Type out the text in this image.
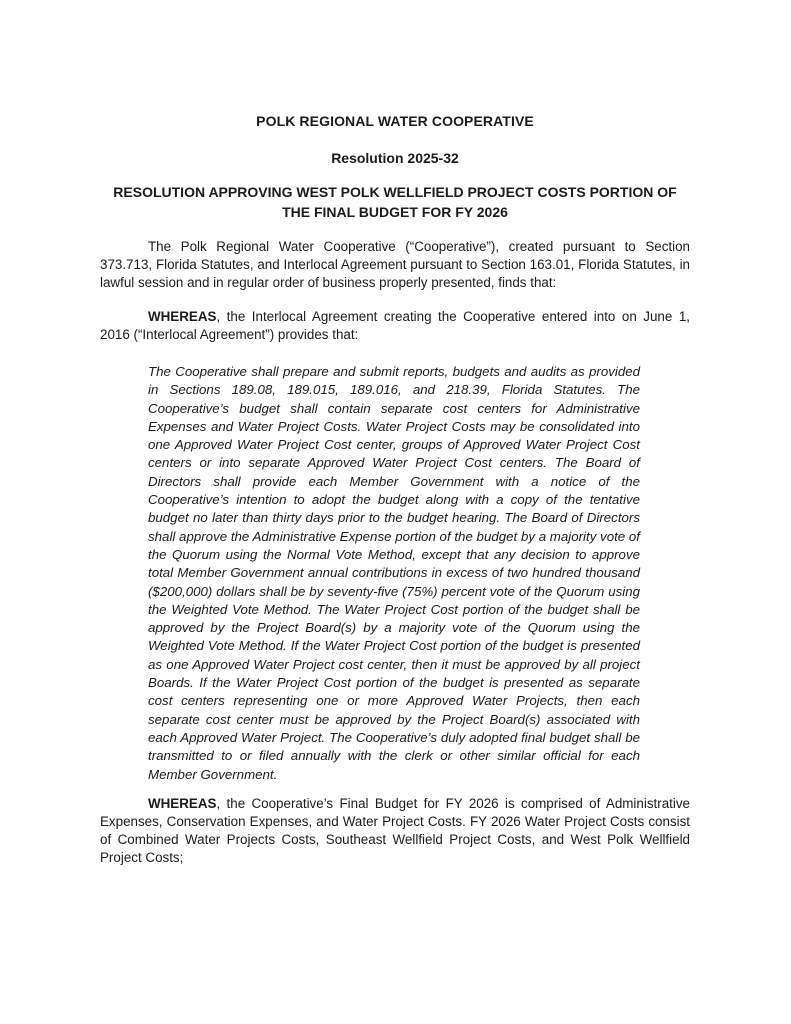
POLK REGIONAL WATER COOPERATIVE
Resolution 2025-32
RESOLUTION APPROVING WEST POLK WELLFIELD PROJECT COSTS PORTION OF
THE FINAL BUDGET FOR FY 2026

The Polk Regional Water Cooperative (“Cooperative”), created pursuant to Section 373.713, Florida Statutes, and Interlocal Agreement pursuant to Section 163.01, Florida Statutes, in lawful session and in regular order of business properly presented, finds that:

WHEREAS, the Interlocal Agreement creating the Cooperative entered into on June 1, 2016 (“Interlocal Agreement”) provides that:

The Cooperative shall prepare and submit reports, budgets and audits as provided in Sections 189.08, 189.015, 189.016, and 218.39, Florida Statutes. The Cooperative’s budget shall contain separate cost centers for Administrative Expenses and Water Project Costs. Water Project Costs may be consolidated into one Approved Water Project Cost center, groups of Approved Water Project Cost centers or into separate Approved Water Project Cost centers. The Board of Directors shall provide each Member Government with a notice of the Cooperative’s intention to adopt the budget along with a copy of the tentative budget no later than thirty days prior to the budget hearing. The Board of Directors shall approve the Administrative Expense portion of the budget by a majority vote of the Quorum using the Normal Vote Method, except that any decision to approve total Member Government annual contributions in excess of two hundred thousand ($200,000) dollars shall be by seventy-five (75%) percent vote of the Quorum using the Weighted Vote Method. The Water Project Cost portion of the budget shall be approved by the Project Board(s) by a majority vote of the Quorum using the Weighted Vote Method. If the Water Project Cost portion of the budget is presented as one Approved Water Project cost center, then it must be approved by all project Boards. If the Water Project Cost portion of the budget is presented as separate cost centers representing one or more Approved Water Projects, then each separate cost center must be approved by the Project Board(s) associated with each Approved Water Project. The Cooperative’s duly adopted final budget shall be transmitted to or filed annually with the clerk or other similar official for each Member Government.

WHEREAS, the Cooperative’s Final Budget for FY 2026 is comprised of Administrative Expenses, Conservation Expenses, and Water Project Costs. FY 2026 Water Project Costs consist of Combined Water Projects Costs, Southeast Wellfield Project Costs, and West Polk Wellfield Project Costs;
